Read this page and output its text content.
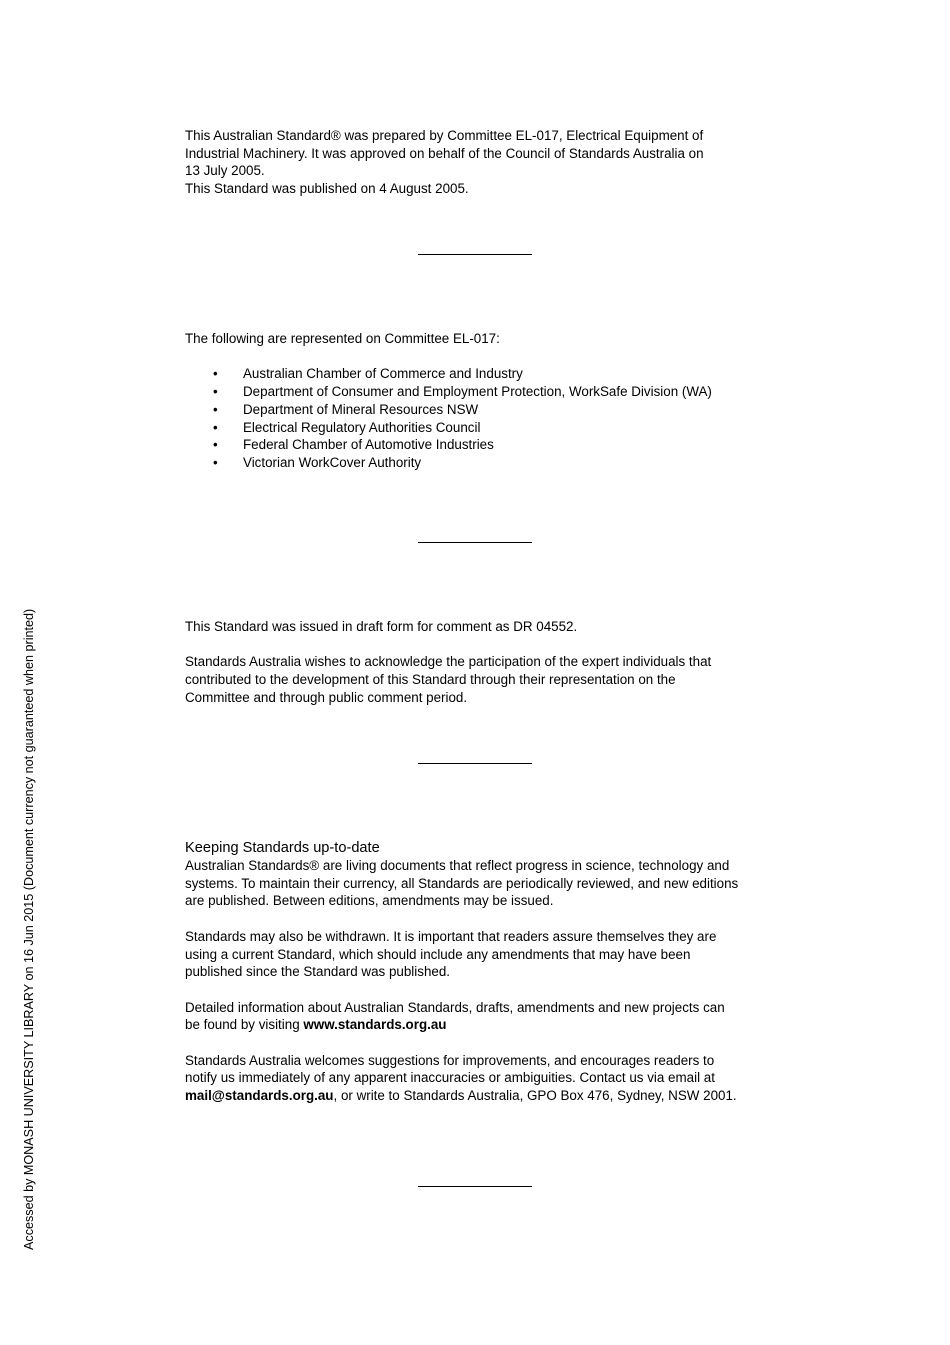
This Australian Standard® was prepared by Committee EL-017, Electrical Equipment of
Industrial Machinery. It was approved on behalf of the Council of Standards Australia on
13 July 2005.
This Standard was published on 4 August 2005.
The following are represented on Committee EL-017:
• Australian Chamber of Commerce and Industry
• Department of Consumer and Employment Protection, WorkSafe Division (WA)
• Department of Mineral Resources NSW
• Electrical Regulatory Authorities Council
• Federal Chamber of Automotive Industries
• Victorian WorkCover Authority
This Standard was issued in draft form for comment as DR 04552.
Standards Australia wishes to acknowledge the participation of the expert individuals that
contributed to the development of this Standard through their representation on the
Committee and through public comment period.
Keeping Standards up-to-date
Australian Standards® are living documents that reflect progress in science, technology and
systems. To maintain their currency, all Standards are periodically reviewed, and new editions
are published. Between editions, amendments may be issued.
Standards may also be withdrawn. It is important that readers assure themselves they are
using a current Standard, which should include any amendments that may have been
published since the Standard was published.
Detailed information about Australian Standards, drafts, amendments and new projects can
be found by visiting www.standards.org.au
Standards Australia welcomes suggestions for improvements, and encourages readers to
notify us immediately of any apparent inaccuracies or ambiguities. Contact us via email at
mail@standards.org.au, or write to Standards Australia, GPO Box 476, Sydney, NSW 2001.
Accessed by MONASH UNIVERSITY LIBRARY on 16 Jun 2015 (Document currency not guaranteed when printed)
